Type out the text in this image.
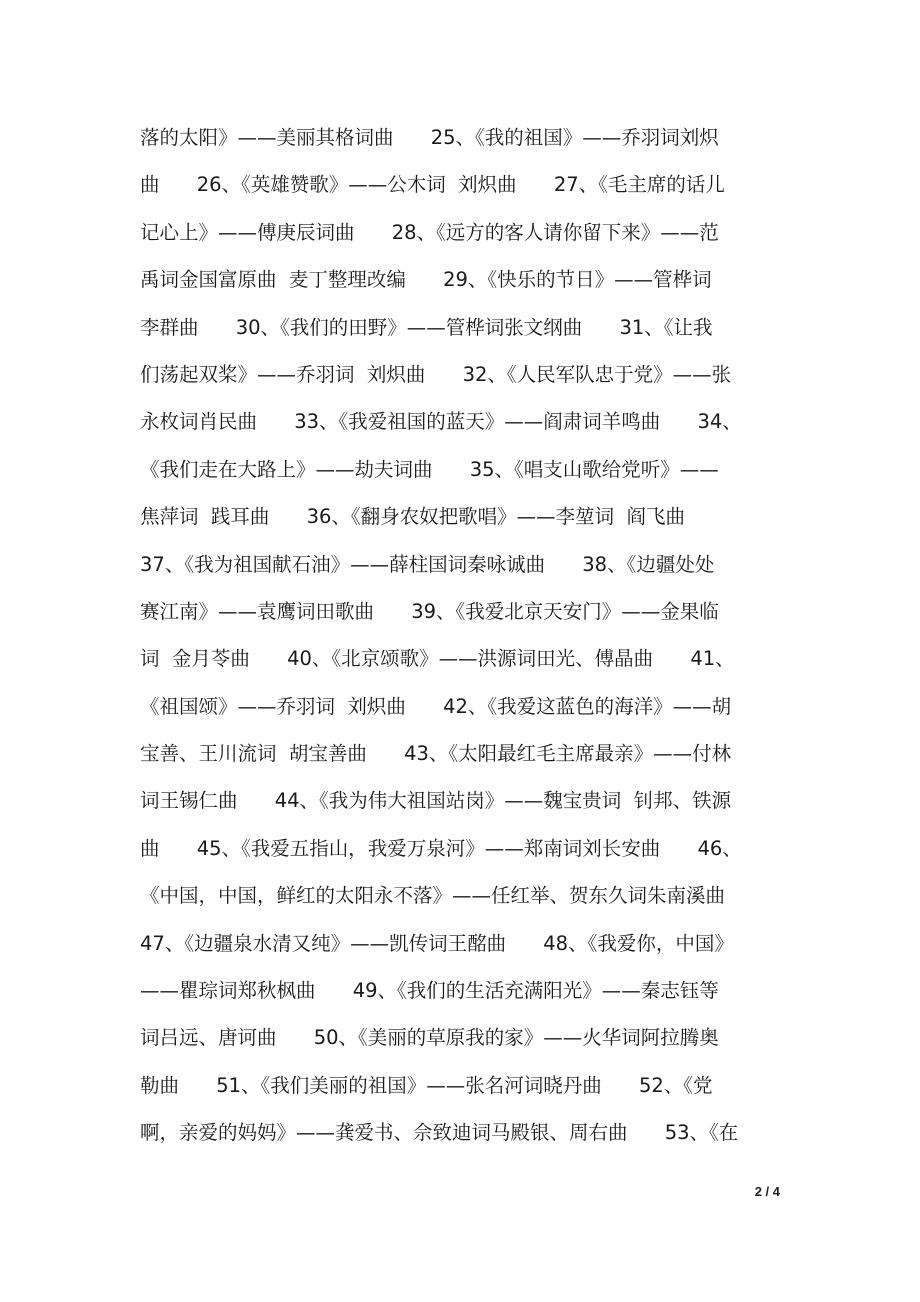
落的太阳》——美丽其格词曲      25、《我的祖国》——乔羽词刘炽
曲      26、《英雄赞歌》——公木词  刘炽曲      27、《毛主席的话儿
记心上》——傅庚辰词曲      28、《远方的客人请你留下来》——范
禹词金国富原曲  麦丁整理改编      29、《快乐的节日》——管桦词
李群曲      30、《我们的田野》——管桦词张文纲曲      31、《让我
们荡起双桨》——乔羽词  刘炽曲      32、《人民军队忠于党》——张
永枚词肖民曲      33、《我爱祖国的蓝天》——阎肃词羊鸣曲      34、
《我们走在大路上》——劫夫词曲      35、《唱支山歌给党听》——
焦萍词  践耳曲      36、《翻身农奴把歌唱》——李堃词  阎飞曲
37、《我为祖国献石油》——薛柱国词秦咏诚曲      38、《边疆处处
赛江南》——袁鹰词田歌曲      39、《我爱北京天安门》——金果临
词  金月苓曲      40、《北京颂歌》——洪源词田光、傅晶曲      41、
《祖国颂》——乔羽词  刘炽曲      42、《我爱这蓝色的海洋》——胡
宝善、王川流词  胡宝善曲      43、《太阳最红毛主席最亲》——付林
词王锡仁曲      44、《我为伟大祖国站岗》——魏宝贵词  钊邦、铁源
曲      45、《我爱五指山，我爱万泉河》——郑南词刘长安曲      46、
《中国，中国，鲜红的太阳永不落》——任红举、贺东久词朱南溪曲
47、《边疆泉水清又纯》——凯传词王酩曲      48、《我爱你，中国》
——瞿琮词郑秋枫曲      49、《我们的生活充满阳光》——秦志钰等
词吕远、唐诃曲      50、《美丽的草原我的家》——火华词阿拉腾奥
勒曲      51、《我们美丽的祖国》——张名河词晓丹曲      52、《党
啊，亲爱的妈妈》——龚爱书、佘致迪词马殿银、周右曲      53、《在
2 / 4
